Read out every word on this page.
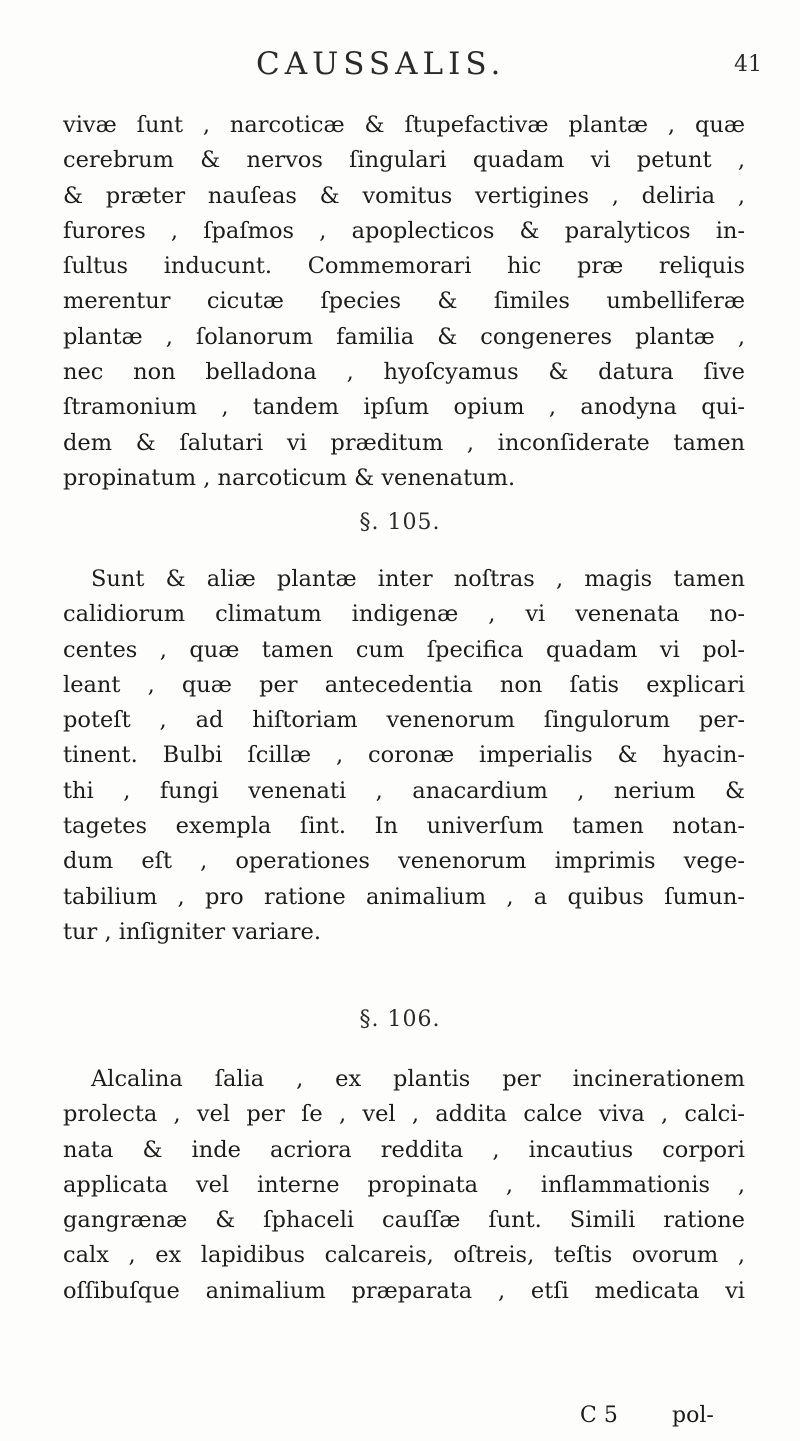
CAUSSALIS.	41
vivæ ſunt , narcoticæ & ſtupefactivæ plantæ , quæ
cerebrum & nervos ſingulari quadam vi petunt ,
& præter nauſeas & vomitus vertigines , deliria ,
furores , ſpaſmos , apoplecticos & paralyticos in-
ſultus inducunt. Commemorari hic præ reliquis
merentur cicutæ ſpecies & ſimiles umbelliferæ
plantæ , ſolanorum familia & congeneres plantæ ,
nec non belladona , hyoſcyamus & datura ſive
ſtramonium , tandem ipſum opium , anodyna qui-
dem & ſalutari vi præditum , inconſiderate tamen
propinatum , narcoticum & venenatum.
§. 105.
Sunt & aliæ plantæ inter noſtras , magis tamen
calidiorum climatum indigenæ , vi venenata no-
centes , quæ tamen cum ſpecifica quadam vi pol-
leant , quæ per antecedentia non ſatis explicari
poteſt , ad hiſtoriam venenorum ſingulorum per-
tinent. Bulbi ſcillæ , coronæ imperialis & hyacin-
thi , fungi venenati , anacardium , nerium &
tagetes exempla ſint. In univerſum tamen notan-
dum eſt , operationes venenorum imprimis vege-
tabilium , pro ratione animalium , a quibus ſumun-
tur , inſigniter variare.
§. 106.
Alcalina ſalia , ex plantis per incinerationem
prolecta , vel per ſe , vel , addita calce viva , calci-
nata & inde acriora reddita , incautius corpori
applicata vel interne propinata , inflammationis ,
gangrænæ & ſphaceli cauſſæ ſunt. Simili ratione
calx , ex lapidibus calcareis, oſtreis, teſtis ovorum ,
oſſibuſque animalium præparata , etſi medicata vi
C 5 pol-
